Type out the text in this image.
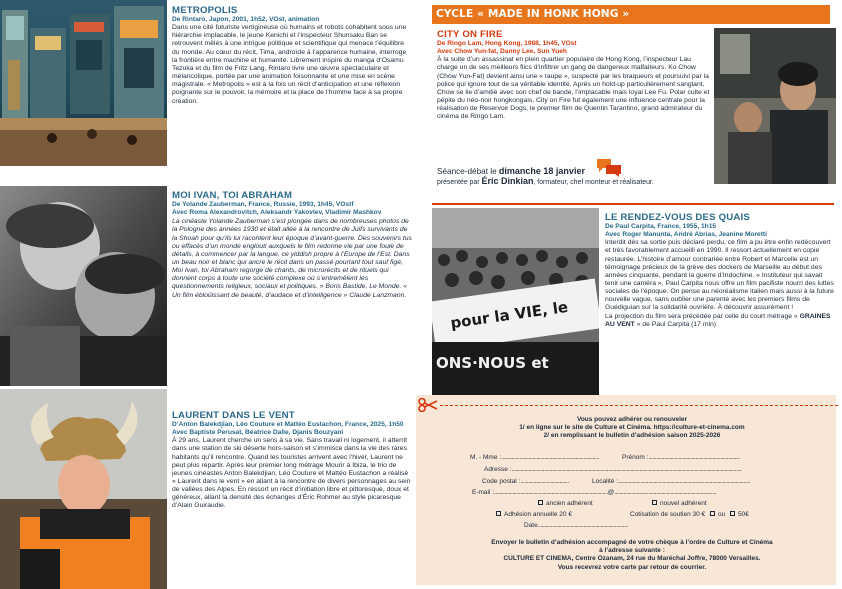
METROPOLIS
De Rintaro, Japon, 2001, 1h52, VOst, animation
Dans une cité futuriste vertigineuse où humains et robots cohabitent sous une hiérarchie implacable, le jeune Kenichi et l’inspecteur Shunsaku Ban se retrouvent mêlés à une intrigue politique et scientifique qui menace l’équilibre du monde. Au cœur du récit, Tima, androïde à l’apparence humaine, interroge la frontière entre machine et humanité. Librement inspiré du manga d’Osamu Tezuka et du film de Fritz Lang, Rintaro livre une œuvre spectaculaire et mélancolique, portée par une animation foisonnante et une mise en scène magistrale. « Metropolis » est à la fois un récit d’anticipation et une réflexion poignante sur le pouvoir, la mémoire et la place de l’homme face à sa propre création.
MOI IVAN, TOI ABRAHAM
De Yolande Zauberman, France, Russie, 1993, 1h45, VOstf
Avec Roma Alexandrovitch, Aleksandr Yakovlev, Vladimir Mashkov
La cinéaste Yolande Zauberman s’est plongée dans de nombreuses photos de la Pologne des années 1930 et était allée à la rencontre de Juifs survivants de la Shoah pour qu’ils lui racontent leur époque d’avant-guerre. Des souvenirs tus ou effacés d’un monde englouti auxquels le film redonne vie par une foule de détails, à commencer par la langue, ce yiddish propre à l’Europe de l’Est. Dans un beau noir et blanc qui ancre le récit dans un passé pourtant tout sauf figé, Moi Ivan, toi Abraham regorge de chants, de microrécits et de rituels qui donnent corps à toute une société complexe où s’entremêlent les questionnements religieux, sociaux et politiques. » Boris Bastide, Le Monde. « Un film ébloüissant de beauté, d’audace et d’intelligence » Claude Lanzmann.
LAURENT DANS LE VENT
D’Anton Balekdjian, Léo Couture et Mattéo Eustachon, France, 2025, 1h50
Avec Baptiste Perusat, Béatrice Dalle, Djanis Bouzyani
À 29 ans, Laurent cherche un sens à sa vie. Sans travail ni logement, il atterrit dans une station de ski déserte hors-saison et s’immisce dans la vie des rares habitants qu’il rencontre. Quand les touristes arrivent avec l’hiver, Laurent ne peut plus repartir. Après leur premier long métrage Mourir à Ibiza, le trio de jeunes cinéastes Anton Balekdjian, Léo Couture et Mattéo Eustachon a réalisé « Laurent dans le vent » en allant à la rencontre de divers personnages au sein de vallées des Alpes. En ressort un récit d’initiation libre et pittoresque, doux et généreux, allant la densité des échanges d’Éric Rohmer au style picaresque d’Alain Guiraudie.
CYCLE « MADE IN HONK HONG »
CITY ON FIRE
De Ringo Lam, Hong Kong, 1988, 1h45, VOst
Avec Chow Yun-fat, Danny Lee, Sun Yueh
À la suite d’un assassinat en plein quartier populaire de Hong Kong, l’inspecteur Lau charge un de ses meilleurs flics d’infiltrer un gang de dangereux malfaiteurs. Ko Chow (Chow Yun-Fat) devient ainsi une « taupe », suspecté par les braqueurs et poursuivi par la police qui ignore tout de sa véritable identité. Après un hold-up particulièrement sanglant, Chow se lie d’amitié avec son chef de bande, l’implacable mais loyal Lee Fu. Polar culte et pépite du néo-noir hongkongais, City on Fire fut également une influence centrale pour la réalisation de Reservoir Dogs, le premier film de Quentin Tarantino, grand admirateur du cinéma de Ringo Lam.
Séance-débat le dimanche 18 janvier
présentée par Éric Dinkian, formateur, chef monteur et réalisateur.
pour la VIE, le
ONS·NOUS et
LE RENDEZ-VOUS DES QUAIS
De Paul Carpita, France, 1955, 1h15
Avec Roger Manunta, André Abrias, Jeanine Moretti
Interdit dès sa sortie puis déclaré perdu, ce film a pu être enfin redécouvert et très favorablement accueilli en 1990. Il ressort actuellement en copie restaurée. L’histoire d’amour contrariée entre Robert et Marcelle est un témoignage précieux de la grève des dockers de Marseille au début des années cinquante, pendant la guerre d’Indochine. « Instituteur qui savait tenir une caméra », Paul Carpita nous offre un film pacifiste nourri des luttes sociales de l’époque. On pense au néoréalisme italien mais aussi à la future nouvelle vague, sans oublier une parenté avec les premiers films de Guédiguian sur la solidarité ouvrière. À découvrir assurément !
La projection du film sera précédée par celle du court métrage « GRAINES AU VENT » de Paul Carpita (17 min)
Vous pouvez adhérer ou renouveler
1/ en ligne sur le site de Culture et Cinéma. https://culture-et-cinema.com
2/ en remplissant le bulletin d’adhésion saison 2025-2026
M. - Mme :...........................................................................	Prénom :......................................................................
Adresse :................................................................................................................................................................................
Code postal :.....................................	Localité :.....................................................................................................
E-mail :.......................................................................................@..............................................................................
ancien adhérent	nouvel adhérent
Adhésion annuelle 20 €	Cotisation de soutien 30 € ou 50€
Date.....................................................................
Envoyer le bulletin d’adhésion accompagné de votre chèque à l’ordre de Culture et Cinéma
à l’adresse suivante :
CULTURE ET CINEMA, Centre Ozanam, 24 rue du Maréchal Joffre, 78000 Versailles.
Vous recevrez votre carte par retour de courrier.
